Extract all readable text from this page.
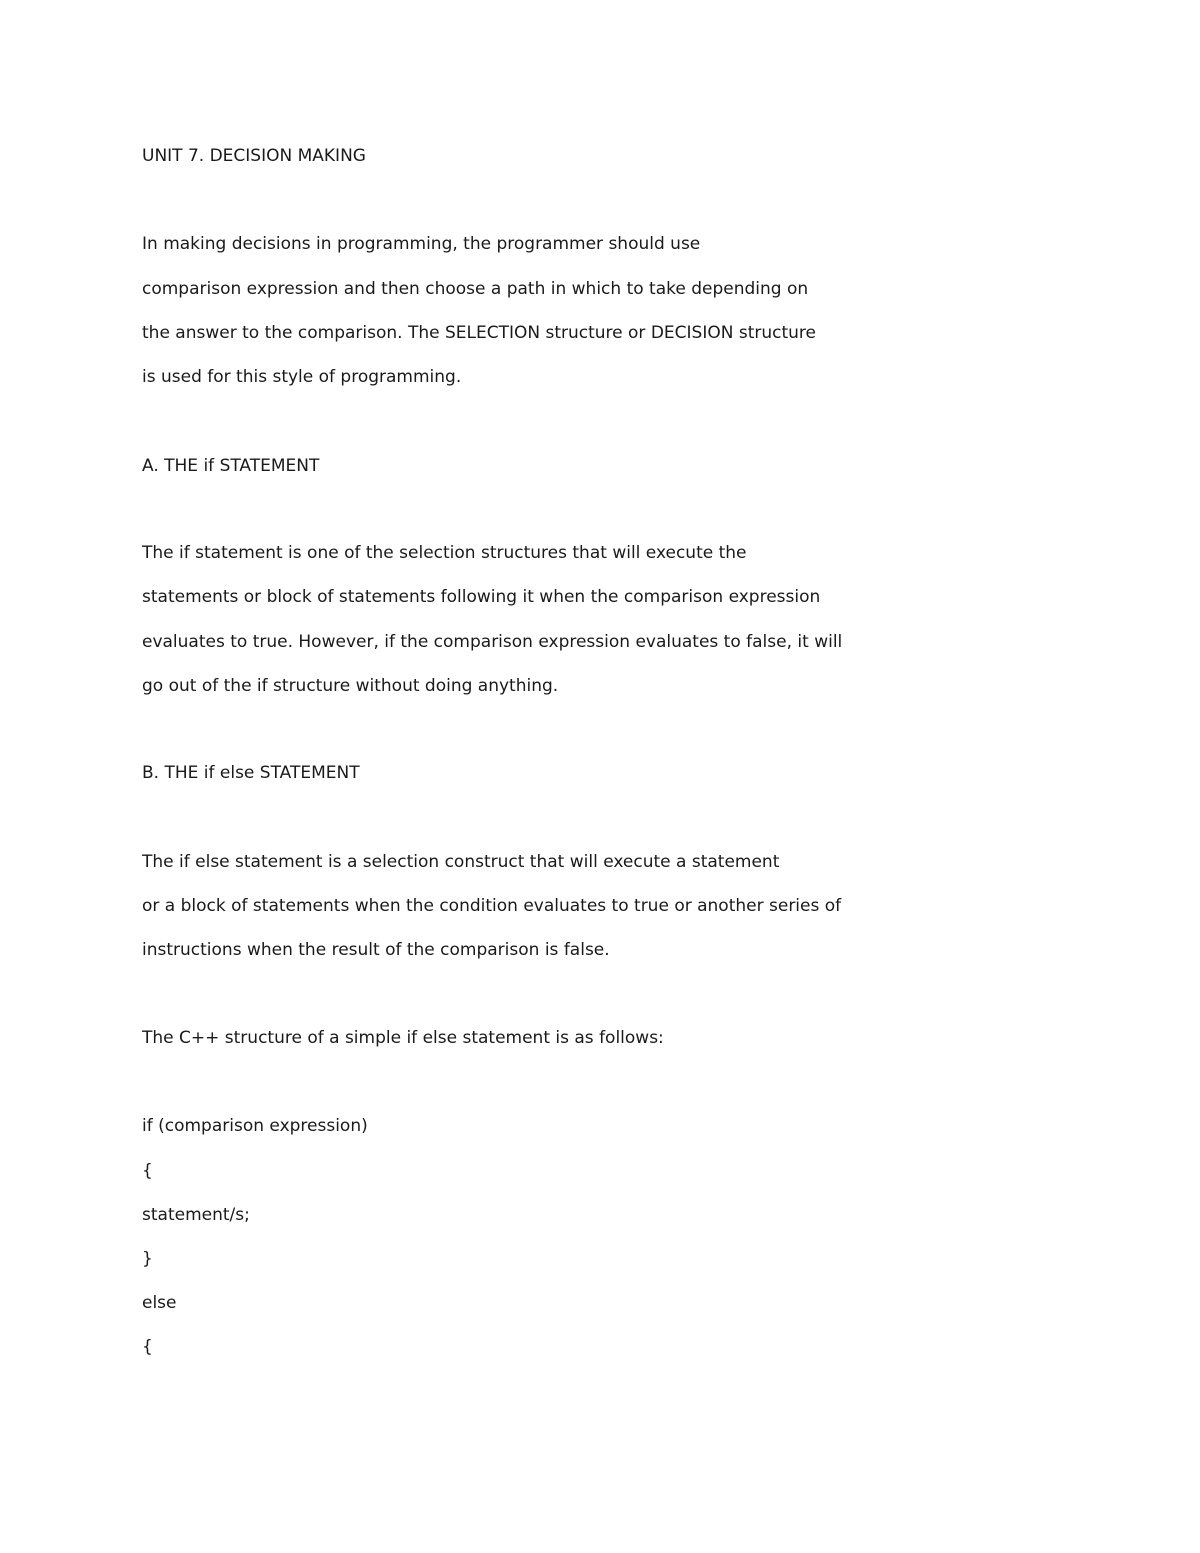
UNIT 7. DECISION MAKING

In making decisions in programming, the programmer should use

comparison expression and then choose a path in which to take depending on

the answer to the comparison. The SELECTION structure or DECISION structure

is used for this style of programming.

A. THE if STATEMENT

The if statement is one of the selection structures that will execute the

statements or block of statements following it when the comparison expression

evaluates to true. However, if the comparison expression evaluates to false, it will

go out of the if structure without doing anything.

B. THE if else STATEMENT

The if else statement is a selection construct that will execute a statement

or a block of statements when the condition evaluates to true or another series of

instructions when the result of the comparison is false.

The C++ structure of a simple if else statement is as follows:

if (comparison expression)

{

statement/s;

}

else

{
